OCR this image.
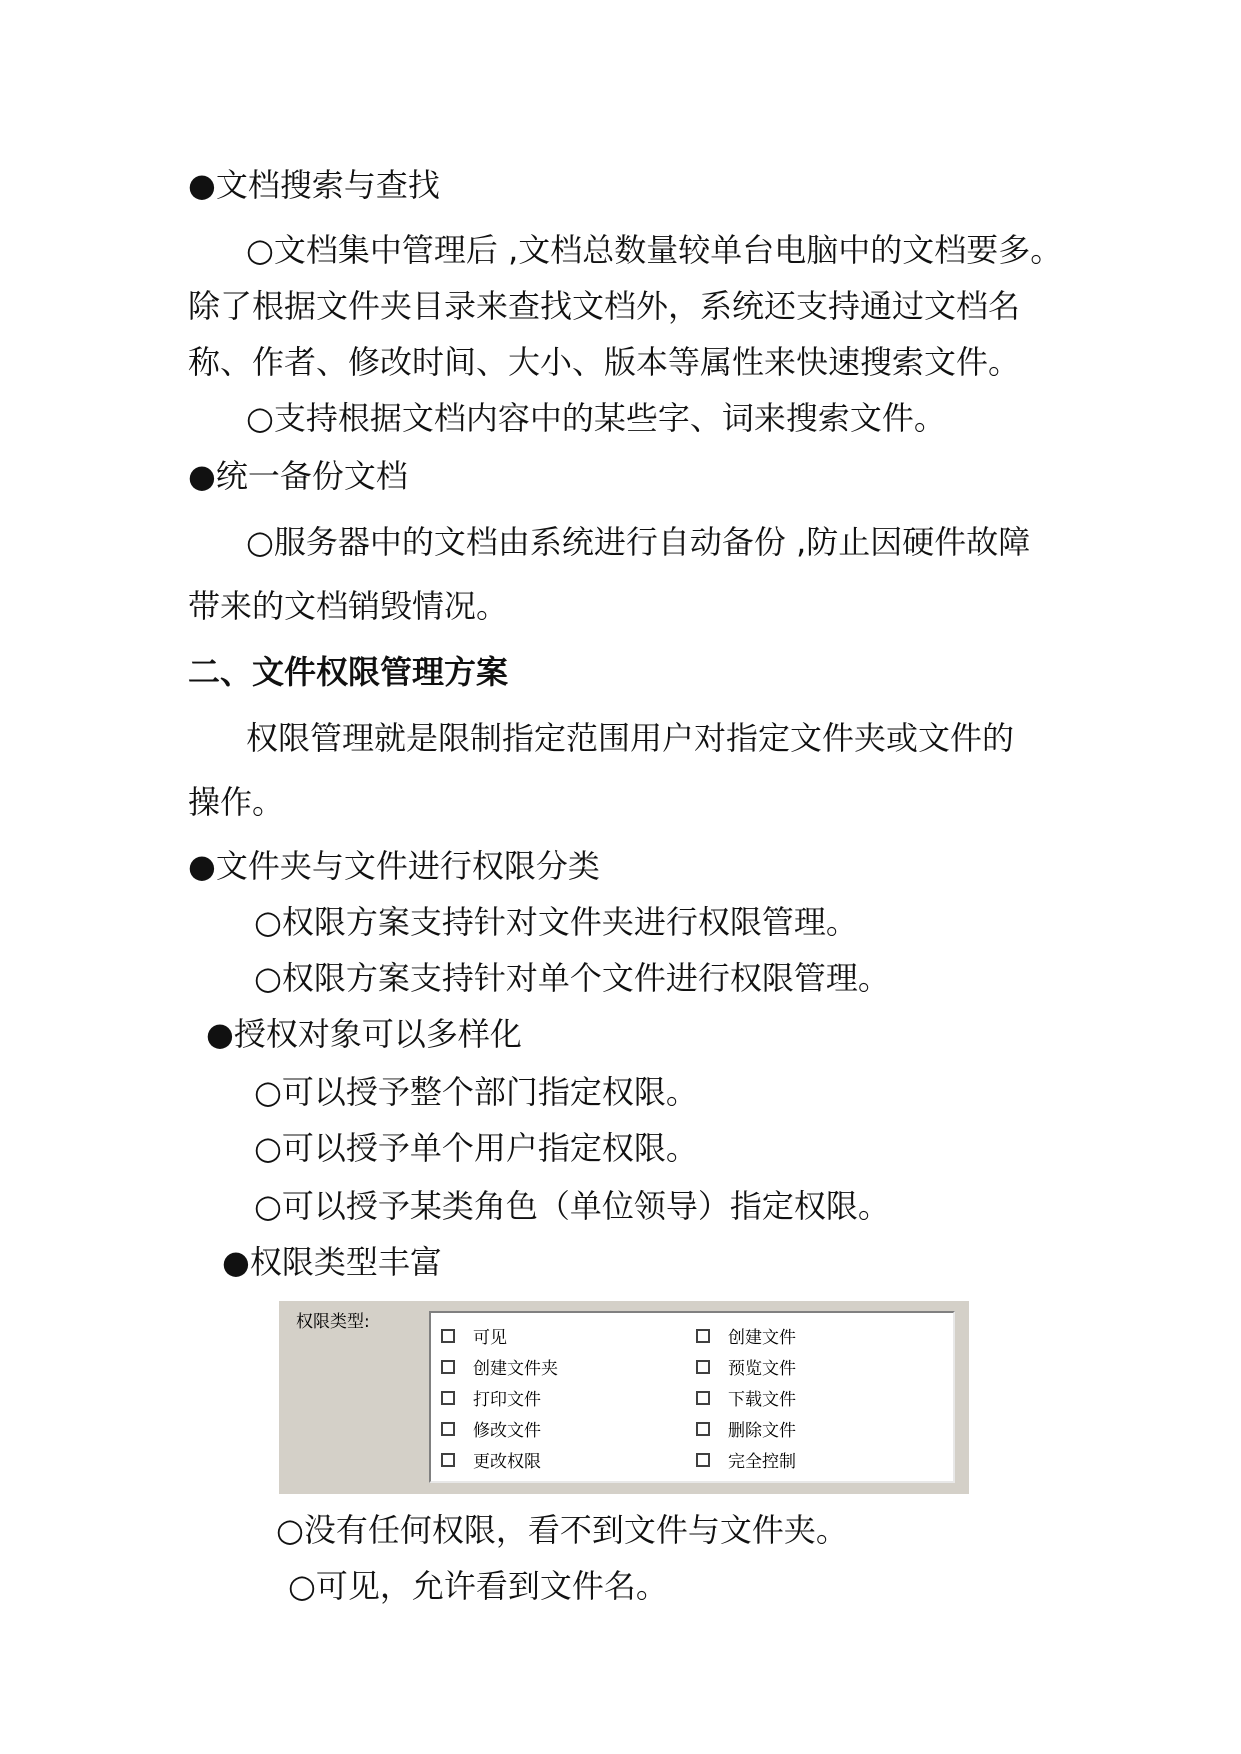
●文档搜索与查找
○文档集中管理后 ,文档总数量较单台电脑中的文档要多。
除了根据文件夹目录来查找文档外，系统还支持通过文档名
称、作者、修改时间、大小、版本等属性来快速搜索文件。
○支持根据文档内容中的某些字、词来搜索文件。
●统一备份文档
○服务器中的文档由系统进行自动备份 ,防止因硬件故障
带来的文档销毁情况。
二、文件权限管理方案
权限管理就是限制指定范围用户对指定文件夹或文件的
操作。
●文件夹与文件进行权限分类
○权限方案支持针对文件夹进行权限管理。
○权限方案支持针对单个文件进行权限管理。
●授权对象可以多样化
○可以授予整个部门指定权限。
○可以授予单个用户指定权限。
○可以授予某类角色（单位领导）指定权限。
●权限类型丰富
权限类型:
可见
创建文件夹
打印文件
修改文件
更改权限
创建文件
预览文件
下载文件
删除文件
完全控制
○没有任何权限，看不到文件与文件夹。
○可见，允许看到文件名。
